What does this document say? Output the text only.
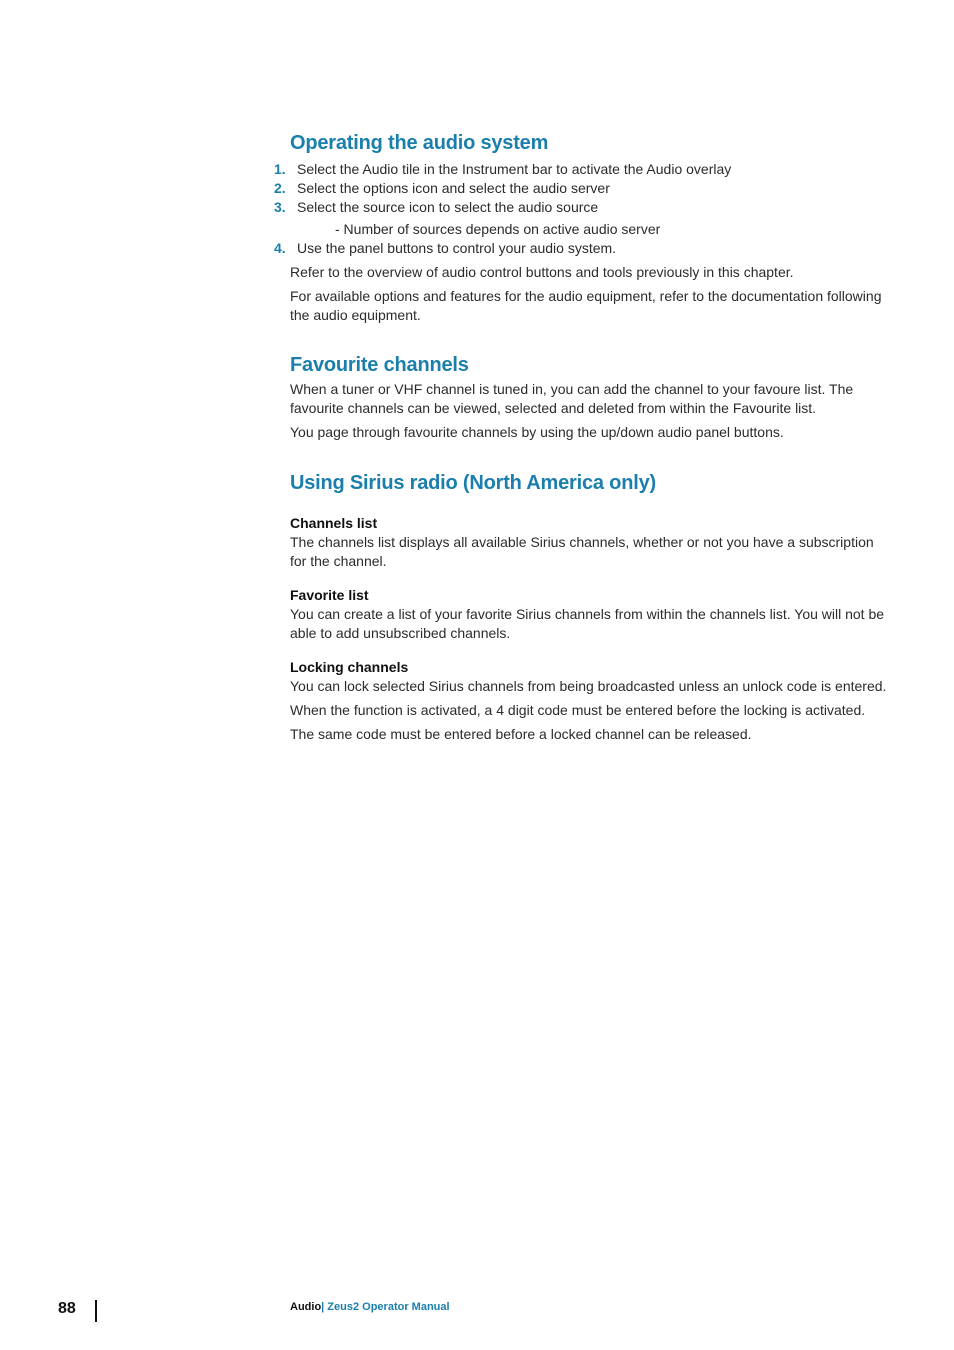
Operating the audio system
1. Select the Audio tile in the Instrument bar to activate the Audio overlay
2. Select the options icon and select the audio server
3. Select the source icon to select the audio source
- Number of sources depends on active audio server
4. Use the panel buttons to control your audio system.

Refer to the overview of audio control buttons and tools previously in this chapter.

For available options and features for the audio equipment, refer to the documentation following the audio equipment.

Favourite channels

When a tuner or VHF channel is tuned in, you can add the channel to your favoure list. The favourite channels can be viewed, selected and deleted from within the Favourite list.

You page through favourite channels by using the up/down audio panel buttons.

Using Sirius radio (North America only)
Channels list

The channels list displays all available Sirius channels, whether or not you have a subscription for the channel.

Favorite list

You can create a list of your favorite Sirius channels from within the channels list. You will not be able to add unsubscribed channels.

Locking channels

You can lock selected Sirius channels from being broadcasted unless an unlock code is entered.

When the function is activated, a 4 digit code must be entered before the locking is activated.

The same code must be entered before a locked channel can be released.

88	Audio| Zeus2 Operator Manual
